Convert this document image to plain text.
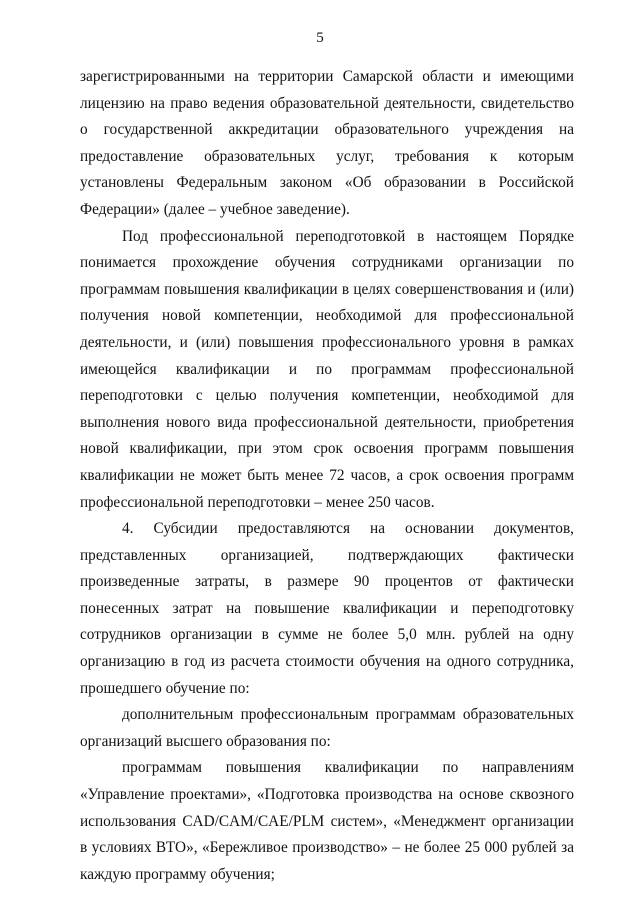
5

зарегистрированными на территории Самарской области и имеющими лицензию на право ведения образовательной деятельности, свидетельство о государственной аккредитации образовательного учреждения на предоставление образовательных услуг, требования к которым установлены Федеральным законом «Об образовании в Российской Федерации» (далее – учебное заведение).

Под профессиональной переподготовкой в настоящем Порядке понимается прохождение обучения сотрудниками организации по программам повышения квалификации в целях совершенствования и (или) получения новой компетенции, необходимой для профессиональной деятельности, и (или) повышения профессионального уровня в рамках имеющейся квалификации и по программам профессиональной переподготовки с целью получения компетенции, необходимой для выполнения нового вида профессиональной деятельности, приобретения новой квалификации, при этом срок освоения программ повышения квалификации не может быть менее 72 часов, а срок освоения программ профессиональной переподготовки – менее 250 часов.

4. Субсидии предоставляются на основании документов, представленных организацией, подтверждающих фактически произведенные затраты, в размере 90 процентов от фактически понесенных затрат на повышение квалификации и переподготовку сотрудников организации в сумме не более 5,0 млн. рублей на одну организацию в год из расчета стоимости обучения на одного сотрудника, прошедшего обучение по:

дополнительным профессиональным программам образовательных организаций высшего образования по:

программам повышения квалификации по направлениям «Управление проектами», «Подготовка производства на основе сквозного использования CAD/CAM/CAE/PLM систем», «Менеджмент организации в условиях ВТО», «Бережливое производство» – не более 25 000 рублей за каждую программу обучения;
